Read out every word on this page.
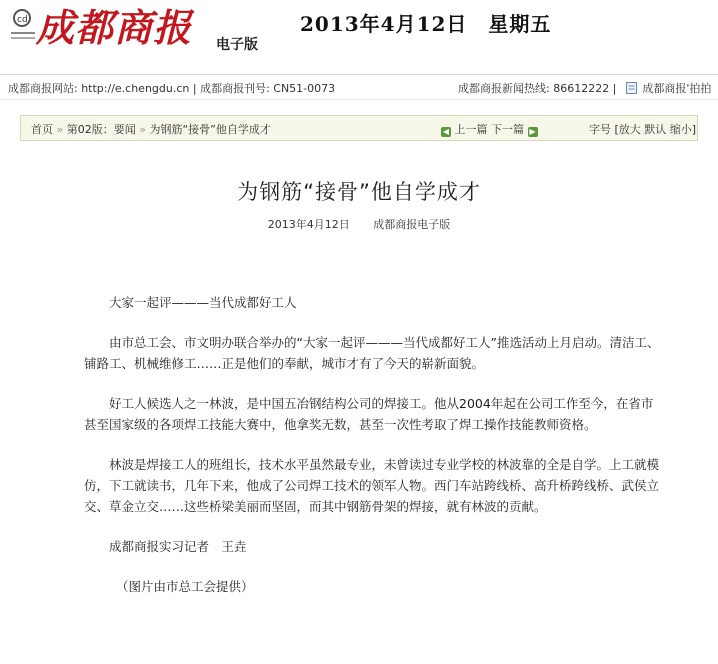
cd 成都商报 电子版
2013年4月12日　星期五
成都商报网站: http://e.chengdu.cn | 成都商报刊号: CN51-0073	成都商报新闻热线: 86612222 | 成都商报'拍拍
首页 » 第02版：要闻 » 为钢筋“接骨”他自学成才	◀ 上一篇 下一篇 ▶	字号 [放大 默认 缩小]
为钢筋“接骨”他自学成才
2013年4月12日 成都商报电子版

大家一起评———当代成都好工人

由市总工会、市文明办联合举办的“大家一起评———当代成都好工人”推选活动上月启动。清洁工、铺路工、机械维修工……正是他们的奉献，城市才有了今天的崭新面貌。

好工人候选人之一林波，是中国五冶钢结构公司的焊接工。他从2004年起在公司工作至今，在省市甚至国家级的各项焊工技能大赛中，他拿奖无数，甚至一次性考取了焊工操作技能教师资格。

林波是焊接工人的班组长，技术水平虽然最专业，未曾读过专业学校的林波靠的全是自学。上工就模仿，下工就读书，几年下来，他成了公司焊工技术的领军人物。西门车站跨线桥、高升桥跨线桥、武侯立交、草金立交……这些桥梁美丽而坚固，而其中钢筋骨架的焊接，就有林波的贡献。

成都商报实习记者　王垚

（图片由市总工会提供）
